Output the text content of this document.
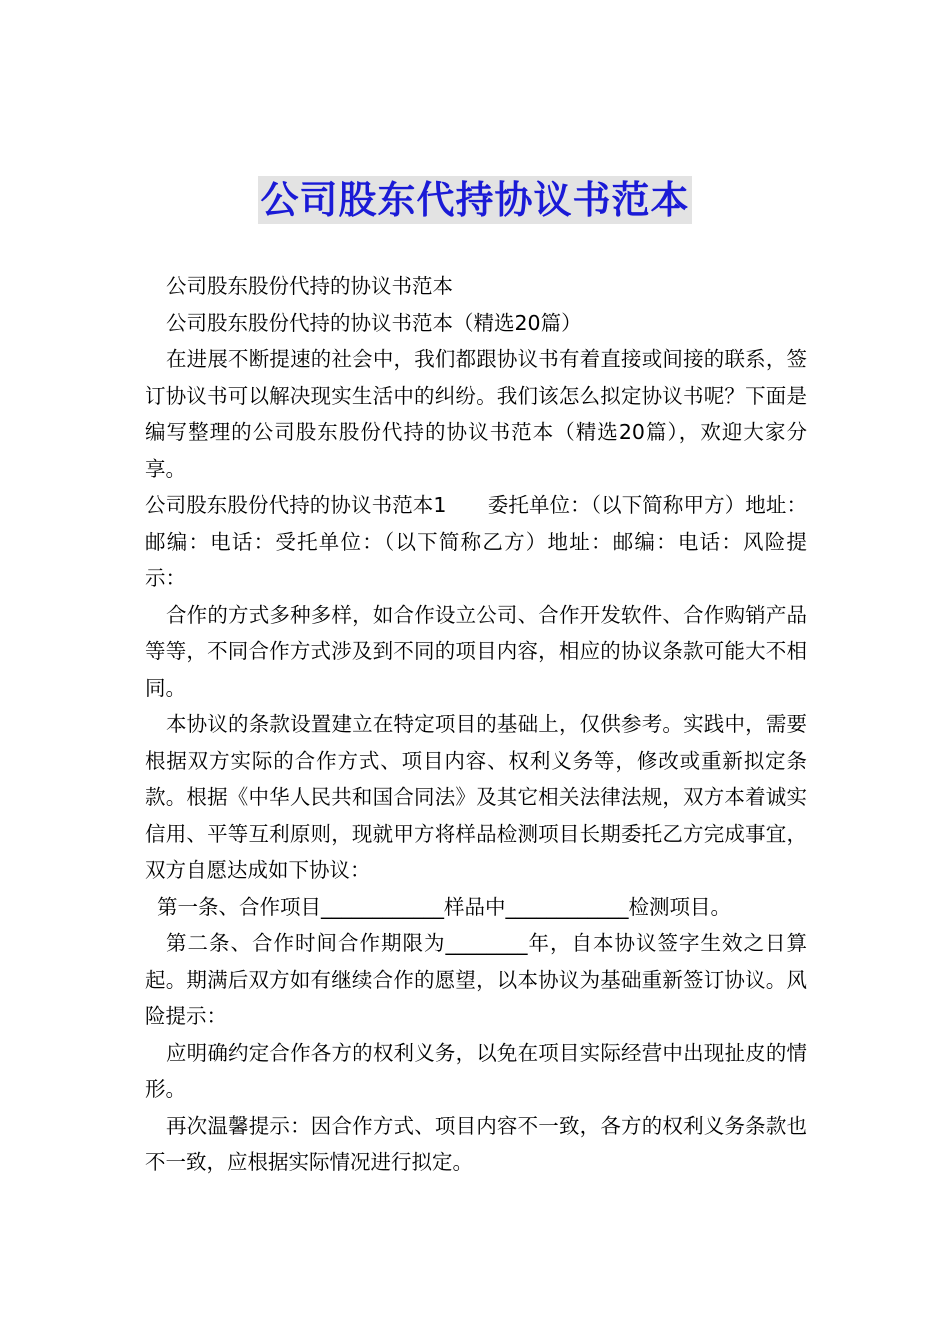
公司股东代持协议书范本

公司股东股份代持的协议书范本

公司股东股份代持的协议书范本（精选20篇）

在进展不断提速的社会中，我们都跟协议书有着直接或间接的联系，签订协议书可以解决现实生活中的纠纷。我们该怎么拟定协议书呢？下面是编写整理的公司股东股份代持的协议书范本（精选20篇），欢迎大家分享。

公司股东股份代持的协议书范本1　　委托单位：（以下简称甲方）地址：邮编：电话：受托单位：（以下简称乙方）地址：邮编：电话：风险提示：

合作的方式多种多样，如合作设立公司、合作开发软件、合作购销产品等等，不同合作方式涉及到不同的项目内容，相应的协议条款可能大不相同。

本协议的条款设置建立在特定项目的基础上，仅供参考。实践中，需要根据双方实际的合作方式、项目内容、权利义务等，修改或重新拟定条款。根据《中华人民共和国合同法》及其它相关法律法规，双方本着诚实信用、平等互利原则，现就甲方将样品检测项目长期委托乙方完成事宜，双方自愿达成如下协议：

第一条、合作项目____________样品中____________检测项目。

第二条、合作时间合作期限为________年，自本协议签字生效之日算起。期满后双方如有继续合作的愿望，以本协议为基础重新签订协议。风险提示：

应明确约定合作各方的权利义务，以免在项目实际经营中出现扯皮的情形。

再次温馨提示：因合作方式、项目内容不一致，各方的权利义务条款也不一致，应根据实际情况进行拟定。
